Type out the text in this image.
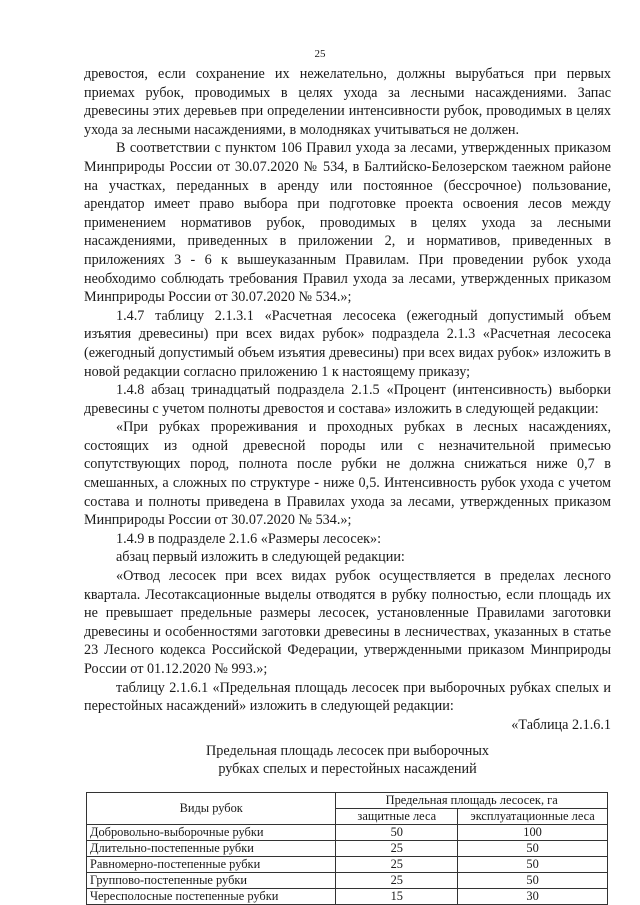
25

древостоя, если сохранение их нежелательно, должны вырубаться при первых приемах рубок, проводимых в целях ухода за лесными насаждениями. Запас древесины этих деревьев при определении интенсивности рубок, проводимых в целях ухода за лесными насаждениями, в молодняках учитываться не должен.

В соответствии с пунктом 106 Правил ухода за лесами, утвержденных приказом Минприроды России от 30.07.2020 № 534, в Балтийско-Белозерском таежном районе на участках, переданных в аренду или постоянное (бессрочное) пользование, арендатор имеет право выбора при подготовке проекта освоения лесов между применением нормативов рубок, проводимых в целях ухода за лесными насаждениями, приведенных в приложении 2, и нормативов, приведенных в приложениях 3 - 6 к вышеуказанным Правилам. При проведении рубок ухода необходимо соблюдать требования Правил ухода за лесами, утвержденных приказом Минприроды России от 30.07.2020 № 534.»;

1.4.7 таблицу 2.1.3.1 «Расчетная лесосека (ежегодный допустимый объем изъятия древесины) при всех видах рубок» подраздела 2.1.3 «Расчетная лесосека (ежегодный допустимый объем изъятия древесины) при всех видах рубок» изложить в новой редакции согласно приложению 1 к настоящему приказу;

1.4.8 абзац тринадцатый подраздела 2.1.5 «Процент (интенсивность) выборки древесины с учетом полноты древостоя и состава» изложить в следующей редакции:

«При рубках прореживания и проходных рубках в лесных насаждениях, состоящих из одной древесной породы или с незначительной примесью сопутствующих пород, полнота после рубки не должна снижаться ниже 0,7 в смешанных, а сложных по структуре - ниже 0,5. Интенсивность рубок ухода с учетом состава и полноты приведена в Правилах ухода за лесами, утвержденных приказом Минприроды России от 30.07.2020 № 534.»;

1.4.9 в подразделе 2.1.6 «Размеры лесосек»:

абзац первый изложить в следующей редакции:

«Отвод лесосек при всех видах рубок осуществляется в пределах лесного квартала. Лесотаксационные выделы отводятся в рубку полностью, если площадь их не превышает предельные размеры лесосек, установленные Правилами заготовки древесины и особенностями заготовки древесины в лесничествах, указанных в статье 23 Лесного кодекса Российской Федерации, утвержденными приказом Минприроды России от 01.12.2020 № 993.»;

таблицу 2.1.6.1 «Предельная площадь лесосек при выборочных рубках спелых и перестойных насаждений» изложить в следующей редакции:

«Таблица 2.1.6.1

Предельная площадь лесосек при выборочных
рубках спелых и перестойных насаждений
Виды рубок	Предельная площадь лесосек, га	
	защитные леса	эксплуатационные леса
Добровольно-выборочные рубки	50	100
Длительно-постепенные рубки	25	50
Равномерно-постепенные рубки	25	50
Группово-постепенные рубки	25	50
Чересполосные постепенные рубки	15	30
